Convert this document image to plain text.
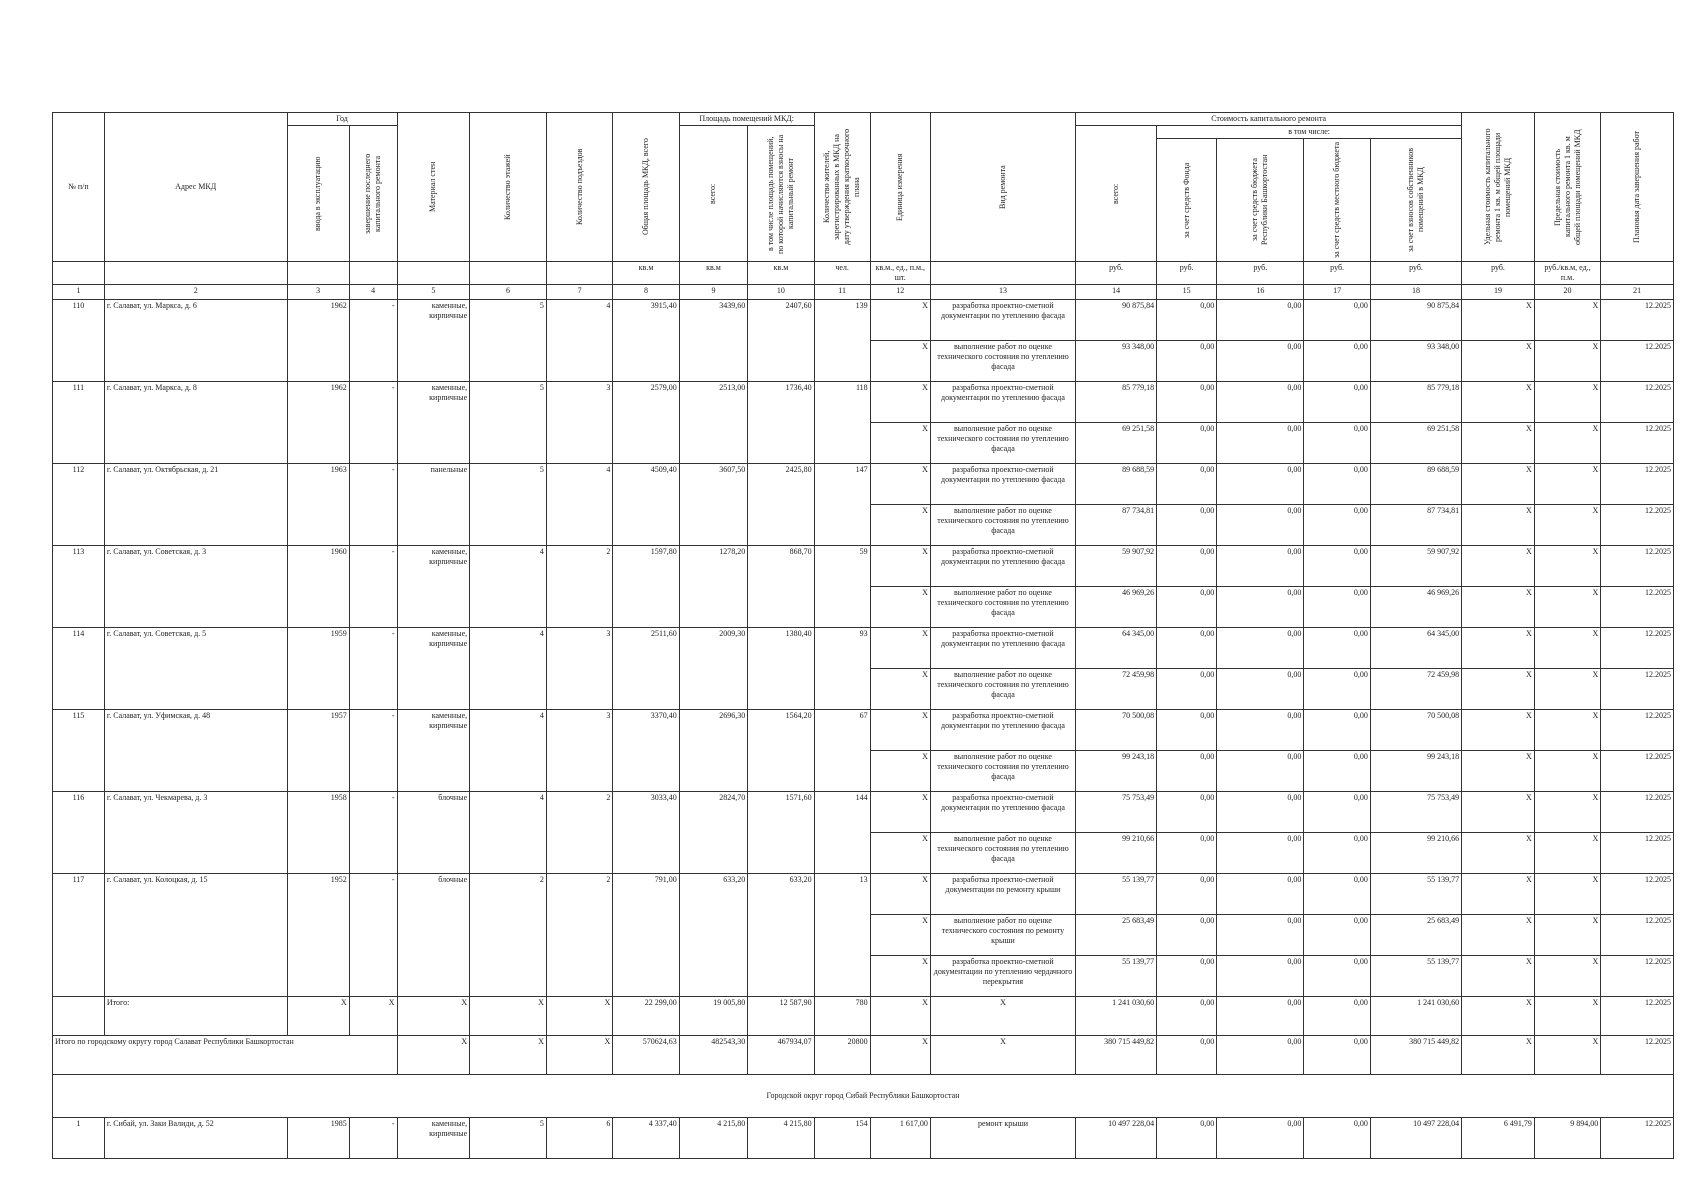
№ п/п	Адрес МКД	Год		Материал стен	Количество этажей	Количество подъездов	Общая площадь МКД, всего	Площадь помещений МКД:		Количество жителей, зарегистрированных в МКД на дату утверждения краткосрочного плана	Единица измерения	Вид ремонта	Стоимость капитального ремонта					Удельная стоимость капитального ремонта 1 кв. м общей площади помещений МКД	Предельная стоимость капитального ремонта 1 кв. м общей площади помещений МКД	Плановая дата завершения работ

		ввода в эксплуатацию	завершение последнего капитального ремонта					всего:	в том числе площадь помещений, по которой начисляются взносы на капитальный ремонт				всего:	в том числе:						

														за счет средств Фонда	за счет средств бюджета Республики Башкортостан	за счет средств местного бюджета	за счет взносов собственников помещений в МКД			

							кв.м	кв.м	кв.м	чел.	кв.м., ед., п.м., шт.		руб.	руб.	руб.	руб.	руб.	руб.	руб./кв.м, ед., п.м.	
1	2	3	4	5	6	7	8	9	10	11	12	13	14	15	16	17	18	19	20	21
110	г. Салават, ул. Маркса, д. 6	1962	-	каменные, кирпичные	5	4	3915,40	3439,60	2407,60	139	X	разработка проектно-сметной документации по утеплению фасада	90 875,84	0,00	0,00	0,00	90 875,84	X	X	12.2025
											X	выполнение работ по оценке технического состояния по утеплению фасада	93 348,00	0,00	0,00	0,00	93 348,00	X	X	12.2025
111	г. Салават, ул. Маркса, д. 8	1962	-	каменные, кирпичные	5	3	2579,00	2513,00	1736,40	118	X	разработка проектно-сметной документации по утеплению фасада	85 779,18	0,00	0,00	0,00	85 779,18	X	X	12.2025
											X	выполнение работ по оценке технического состояния по утеплению фасада	69 251,58	0,00	0,00	0,00	69 251,58	X	X	12.2025
112	г. Салават, ул. Октябрьская, д. 21	1963	-	панельные	5	4	4509,40	3607,50	2425,80	147	X	разработка проектно-сметной документации по утеплению фасада	89 688,59	0,00	0,00	0,00	89 688,59	X	X	12.2025
											X	выполнение работ по оценке технического состояния по утеплению фасада	87 734,81	0,00	0,00	0,00	87 734,81	X	X	12.2025
113	г. Салават, ул. Советская, д. 3	1960	-	каменные, кирпичные	4	2	1597,80	1278,20	868,70	59	X	разработка проектно-сметной документации по утеплению фасада	59 907,92	0,00	0,00	0,00	59 907,92	X	X	12.2025
											X	выполнение работ по оценке технического состояния по утеплению фасада	46 969,26	0,00	0,00	0,00	46 969,26	X	X	12.2025
114	г. Салават, ул. Советская, д. 5	1959	-	каменные, кирпичные	4	3	2511,60	2009,30	1380,40	93	X	разработка проектно-сметной документации по утеплению фасада	64 345,00	0,00	0,00	0,00	64 345,00	X	X	12.2025
											X	выполнение работ по оценке технического состояния по утеплению фасада	72 459,98	0,00	0,00	0,00	72 459,98	X	X	12.2025
115	г. Салават, ул. Уфимская, д. 48	1957	-	каменные, кирпичные	4	3	3370,40	2696,30	1564,20	67	X	разработка проектно-сметной документации по утеплению фасада	70 500,08	0,00	0,00	0,00	70 500,08	X	X	12.2025
											X	выполнение работ по оценке технического состояния по утеплению фасада	99 243,18	0,00	0,00	0,00	99 243,18	X	X	12.2025
116	г. Салават, ул. Чекмарева, д. 3	1958	-	блочные	4	2	3033,40	2824,70	1571,60	144	X	разработка проектно-сметной документации по утеплению фасада	75 753,49	0,00	0,00	0,00	75 753,49	X	X	12.2025
											X	выполнение работ по оценке технического состояния по утеплению фасада	99 210,66	0,00	0,00	0,00	99 210,66	X	X	12.2025
117	г. Салават, ул. Колоцкая, д. 15	1952	-	блочные	2	2	791,00	633,20	633,20	13	X	разработка проектно-сметной документации по ремонту крыши	55 139,77	0,00	0,00	0,00	55 139,77	X	X	12.2025
											X	выполнение работ по оценке технического состояния по ремонту крыши	25 683,49	0,00	0,00	0,00	25 683,49	X	X	12.2025
											X	разработка проектно-сметной документации по утеплению чердачного перекрытия	55 139,77	0,00	0,00	0,00	55 139,77	X	X	12.2025
	Итого:	X	X	X	X	X	22 299,00	19 005,80	12 587,90	780	X	X	1 241 030,60	0,00	0,00	0,00	1 241 030,60	X	X	12.2025
Итого по городскому округу город Салават Республики Башкортостан				X	X	X	570624,63	482543,30	467934,07	20800	X	X	380 715 449,82	0,00	0,00	0,00	380 715 449,82	X	X	12.2025
Городской округ город Сибай Республики Башкортостан																				
1	г. Сибай, ул. Заки Валиди, д. 52	1985	-	каменные, кирпичные	5	6	4 337,40	4 215,80	4 215,80	154	1 617,00	ремонт крыши	10 497 228,04	0,00	0,00	0,00	10 497 228,04	6 491,79	9 894,00	12.2025
